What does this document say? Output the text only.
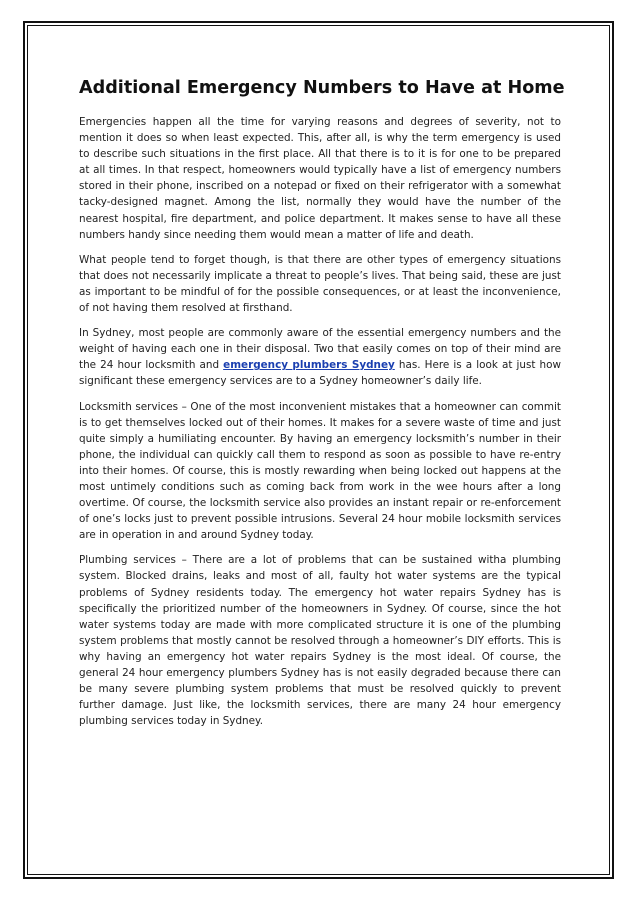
Additional Emergency Numbers to Have at Home

Emergencies happen all the time for varying reasons and degrees of severity, not to mention it does so when least expected. This, after all, is why the term emergency is used to describe such situations in the first place. All that there is to it is for one to be prepared at all times. In that respect, homeowners would typically have a list of emergency numbers stored in their phone, inscribed on a notepad or fixed on their refrigerator with a somewhat tacky-designed magnet. Among the list, normally they would have the number of the nearest hospital, fire department, and police department. It makes sense to have all these numbers handy since needing them would mean a matter of life and death.

What people tend to forget though, is that there are other types of emergency situations that does not necessarily implicate a threat to people’s lives. That being said, these are just as important to be mindful of for the possible consequences, or at least the inconvenience, of not having them resolved at firsthand.

In Sydney, most people are commonly aware of the essential emergency numbers and the weight of having each one in their disposal. Two that easily comes on top of their mind are the 24 hour locksmith and emergency plumbers Sydney has. Here is a look at just how significant these emergency services are to a Sydney homeowner’s daily life.

Locksmith services – One of the most inconvenient mistakes that a homeowner can commit is to get themselves locked out of their homes. It makes for a severe waste of time and just quite simply a humiliating encounter. By having an emergency locksmith’s number in their phone, the individual can quickly call them to respond as soon as possible to have re-entry into their homes. Of course, this is mostly rewarding when being locked out happens at the most untimely conditions such as coming back from work in the wee hours after a long overtime. Of course, the locksmith service also provides an instant repair or re-enforcement of one’s locks just to prevent possible intrusions. Several 24 hour mobile locksmith services are in operation in and around Sydney today.

Plumbing services – There are a lot of problems that can be sustained witha plumbing system. Blocked drains, leaks and most of all, faulty hot water systems are the typical problems of Sydney residents today. The emergency hot water repairs Sydney has is specifically the prioritized number of the homeowners in Sydney. Of course, since the hot water systems today are made with more complicated structure it is one of the plumbing system problems that mostly cannot be resolved through a homeowner’s DIY efforts. This is why having an emergency hot water repairs Sydney is the most ideal. Of course, the general 24 hour emergency plumbers Sydney has is not easily degraded because there can be many severe plumbing system problems that must be resolved quickly to prevent further damage. Just like, the locksmith services, there are many 24 hour emergency plumbing services today in Sydney.
